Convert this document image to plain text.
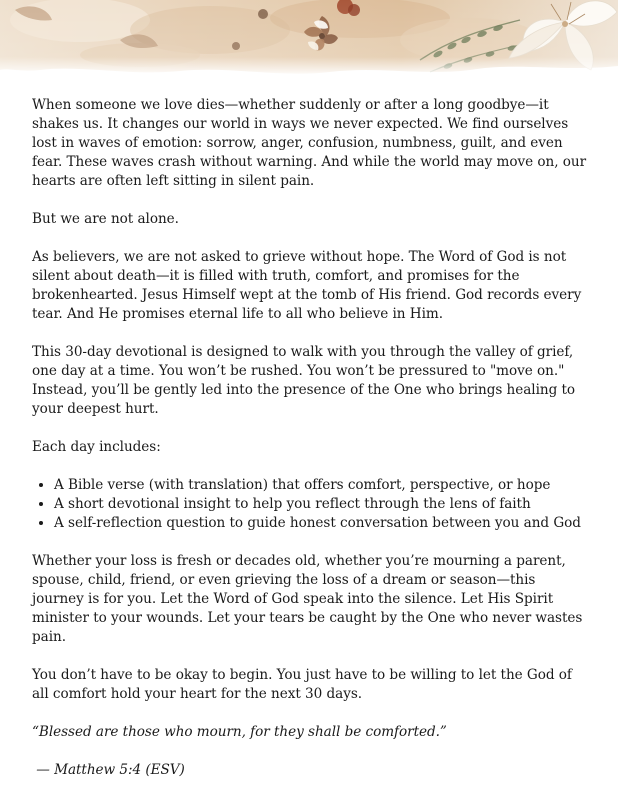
When someone we love dies—whether suddenly or after a long goodbye—it shakes us. It changes our world in ways we never expected. We find ourselves lost in waves of emotion: sorrow, anger, confusion, numbness, guilt, and even fear. These waves crash without warning. And while the world may move on, our hearts are often left sitting in silent pain.

But we are not alone.

As believers, we are not asked to grieve without hope. The Word of God is not silent about death—it is filled with truth, comfort, and promises for the brokenhearted. Jesus Himself wept at the tomb of His friend. God records every tear. And He promises eternal life to all who believe in Him.

This 30-day devotional is designed to walk with you through the valley of grief, one day at a time. You won’t be rushed. You won’t be pressured to "move on." Instead, you’ll be gently led into the presence of the One who brings healing to your deepest hurt.

Each day includes:

• A Bible verse (with translation) that offers comfort, perspective, or hope
• A short devotional insight to help you reflect through the lens of faith
• A self-reflection question to guide honest conversation between you and God

Whether your loss is fresh or decades old, whether you’re mourning a parent, spouse, child, friend, or even grieving the loss of a dream or season—this journey is for you. Let the Word of God speak into the silence. Let His Spirit minister to your wounds. Let your tears be caught by the One who never wastes pain.

You don’t have to be okay to begin. You just have to be willing to let the God of all comfort hold your heart for the next 30 days.

“Blessed are those who mourn, for they shall be comforted.”

— Matthew 5:4 (ESV)
